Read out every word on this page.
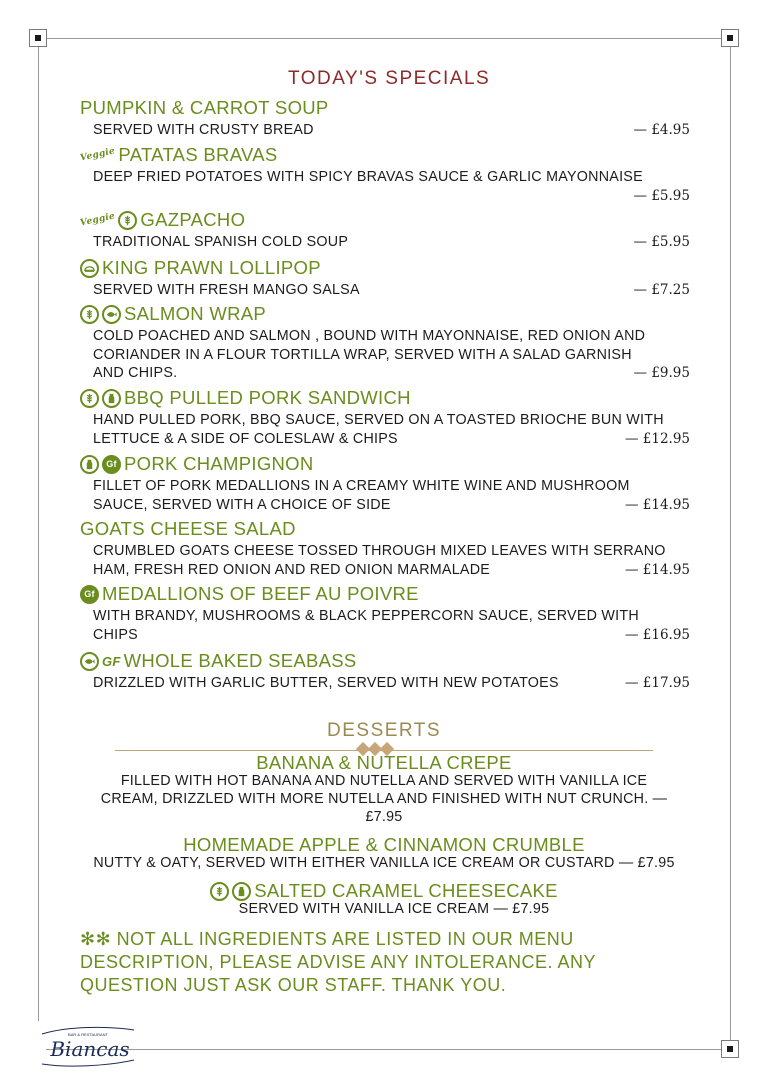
TODAY'S SPECIALS
PUMPKIN & CARROT SOUP
SERVED WITH CRUSTY BREAD	— £4.95
Veggie PATATAS BRAVAS
DEEP FRIED POTATOES WITH SPICY BRAVAS SAUCE & GARLIC MAYONNAISE
— £5.95
Veggie GAZPACHO
TRADITIONAL SPANISH COLD SOUP	— £5.95
KING PRAWN LOLLIPOP
SERVED WITH FRESH MANGO SALSA	— £7.25
SALMON WRAP
COLD POACHED AND SALMON , BOUND WITH MAYONNAISE, RED ONION AND
CORIANDER IN A FLOUR TORTILLA WRAP, SERVED WITH A SALAD GARNISH
AND CHIPS.	— £9.95
BBQ PULLED PORK SANDWICH
HAND PULLED PORK, BBQ SAUCE, SERVED ON A TOASTED BRIOCHE BUN WITH
LETTUCE & A SIDE OF COLESLAW & CHIPS	— £12.95
Gf PORK CHAMPIGNON
FILLET OF PORK MEDALLIONS IN A CREAMY WHITE WINE AND MUSHROOM
SAUCE, SERVED WITH A CHOICE OF SIDE	— £14.95
GOATS CHEESE SALAD
CRUMBLED GOATS CHEESE TOSSED THROUGH MIXED LEAVES WITH SERRANO
HAM, FRESH RED ONION AND RED ONION MARMALADE	— £14.95
Gf MEDALLIONS OF BEEF AU POIVRE
WITH BRANDY, MUSHROOMS & BLACK PEPPERCORN SAUCE, SERVED WITH
CHIPS	— £16.95
GF WHOLE BAKED SEABASS
DRIZZLED WITH GARLIC BUTTER, SERVED WITH NEW POTATOES	— £17.95
DESSERTS
BANANA & NUTELLA CREPE
FILLED WITH HOT BANANA AND NUTELLA AND SERVED WITH VANILLA ICE
CREAM, DRIZZLED WITH MORE NUTELLA AND FINISHED WITH NUT CRUNCH. —
£7.95
HOMEMADE APPLE & CINNAMON CRUMBLE
NUTTY & OATY, SERVED WITH EITHER VANILLA ICE CREAM OR CUSTARD — £7.95
SALTED CARAMEL CHEESECAKE
SERVED WITH VANILLA ICE CREAM — £7.95
✻✻ NOT ALL INGREDIENTS ARE LISTED IN OUR MENU
DESCRIPTION, PLEASE ADVISE ANY INTOLERANCE. ANY
QUESTION JUST ASK OUR STAFF. THANK YOU.
BAR & RESTAURANT
Biancas
